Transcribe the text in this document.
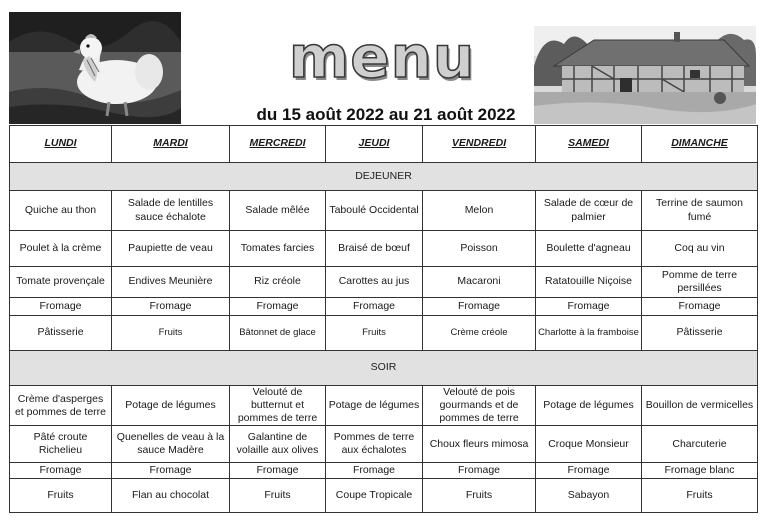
menu
du 15 août 2022 au 21 août 2022
LUNDI	MARDI	MERCREDI	JEUDI	VENDREDI	SAMEDI	DIMANCHE
DEJEUNER						
Quiche au thon	Salade de lentilles sauce échalote	Salade mêlée	Taboulé Occidental	Melon	Salade de cœur de palmier	Terrine de saumon fumé
Poulet à la crème	Paupiette de veau	Tomates farcies	Braisé de bœuf	Poisson	Boulette d'agneau	Coq au vin
Tomate provençale	Endives Meunière	Riz créole	Carottes au jus	Macaroni	Ratatouille Niçoise	Pomme de terre persillées
Fromage	Fromage	Fromage	Fromage	Fromage	Fromage	Fromage
Pâtisserie	Fruits	Bâtonnet de glace	Fruits	Crème créole	Charlotte à la framboise	Pâtisserie
SOIR						
Crème d'asperges et pommes de terre	Potage de légumes	Velouté de butternut et pommes de terre	Potage de légumes	Velouté de pois gourmands et de pommes de terre	Potage de légumes	Bouillon de vermicelles
Pâté croute Richelieu	Quenelles de veau à la sauce Madère	Galantine de volaille aux olives	Pommes de terre aux échalotes	Choux fleurs mimosa	Croque Monsieur	Charcuterie
Fromage	Fromage	Fromage	Fromage	Fromage	Fromage	Fromage blanc
Fruits	Flan au chocolat	Fruits	Coupe Tropicale	Fruits	Sabayon	Fruits
